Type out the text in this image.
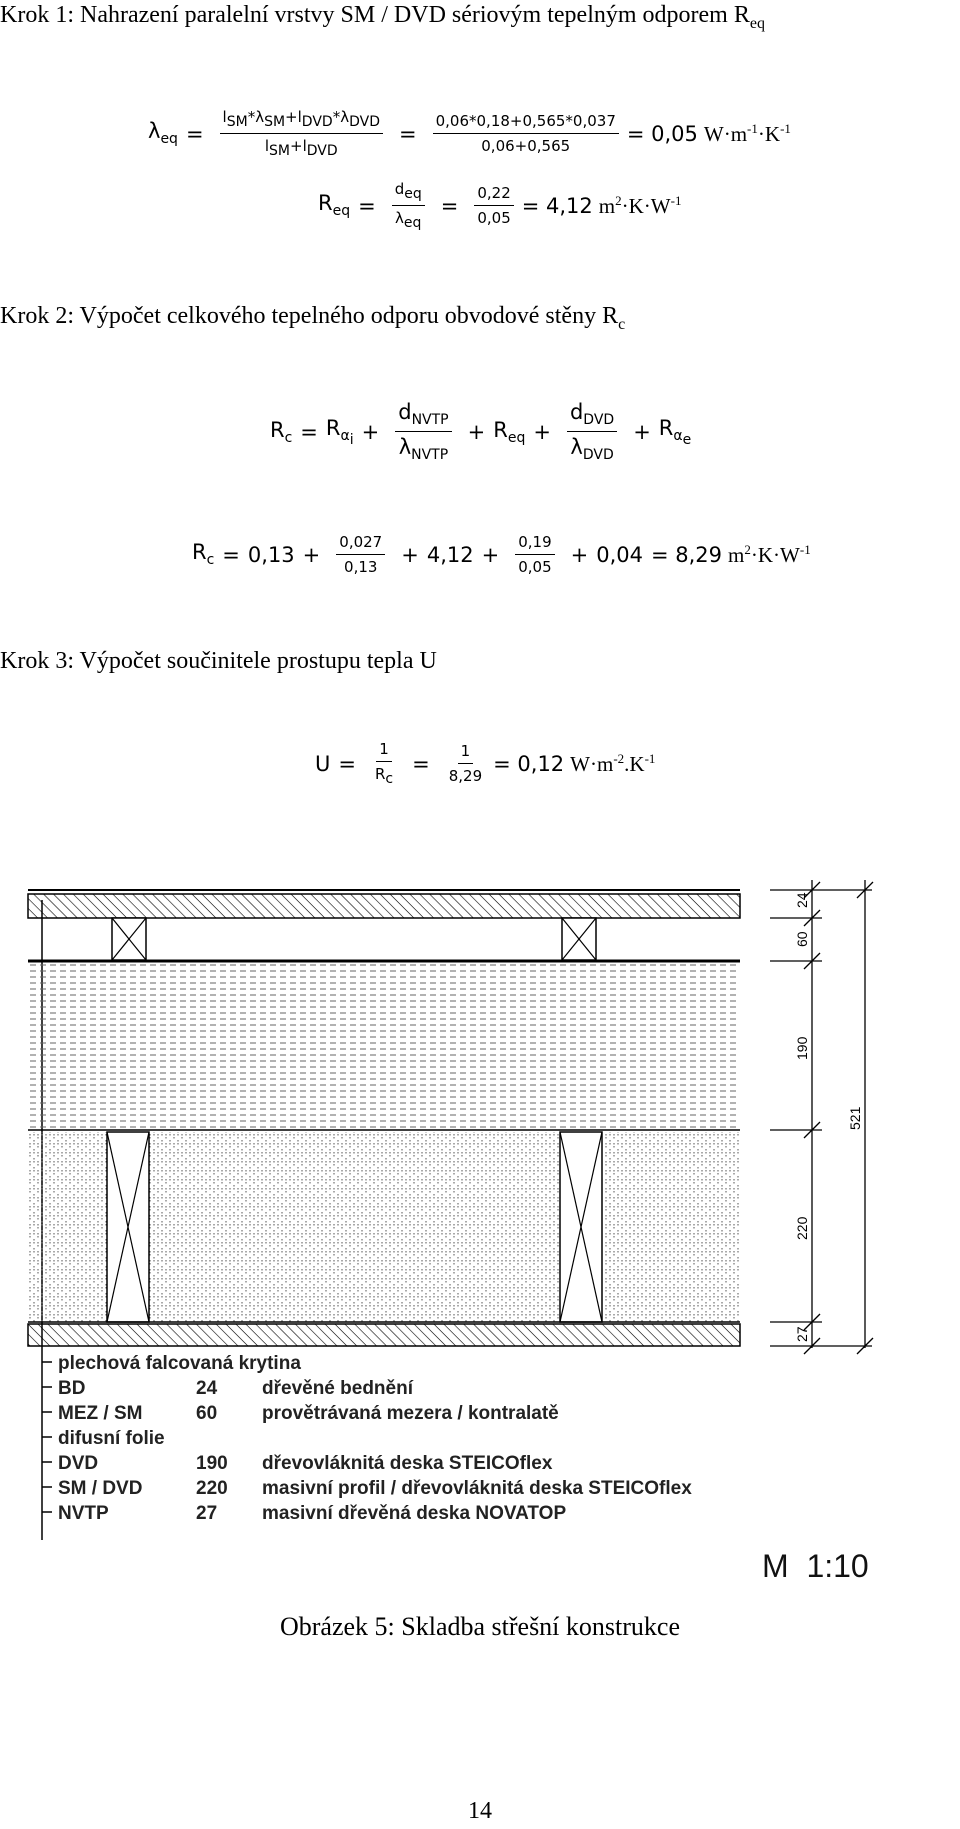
Krok 1: Nahrazení paralelní vrstvy SM / DVD sériovým tepelným odporem $R_{eq}$
$\lambda_{eq} = \frac{l_{SM}*\lambda_{SM}+l_{DVD}*\lambda_{DVD}}{l_{SM}+l_{DVD}} = \frac{0,06*0,18+0,565*0,037}{0,06+0,565} = 0,05$ $W\cdot m^{-1}\cdot K^{-1}$
$R_{eq} = \frac{d_{eq}}{\lambda_{eq}} = \frac{0,22}{0,05} = 4,12$ $m^2\cdot K\cdot W^{-1}$
Krok 2: Výpočet celkového tepelného odporu obvodové stěny $R_c$
$R_c = R_{\alpha_i} + \frac{d_{NVTP}}{\lambda_{NVTP}} + R_{eq} + \frac{d_{DVD}}{\lambda_{DVD}} + R_{\alpha_e}$
$R_c = 0,13 + \frac{0,027}{0,13} + 4,12 + \frac{0,19}{0,05} + 0,04 = 8,29$ $m^2\cdot K\cdot W^{-1}$
Krok 3: Výpočet součinitele prostupu tepla U
$U = \frac{1}{R_c} = \frac{1}{8,29} = 0,12$ $W\cdot m^{-2}.K^{-1}$
24
60
190
220
27
521
plechová falcovaná krytina
BD	24 dřevěné bednění
MEZ / SM	60 provětrávaná mezera / kontralatě
difusní folie
DVD	190 dřevovláknitá deska STEICOflex
SM / DVD	220 masivní profil / dřevovláknitá deska STEICOflex
NVTP	27 masivní dřevěná deska NOVATOP
M  1:10
Obrázek 5: Skladba střešní konstrukce
14
